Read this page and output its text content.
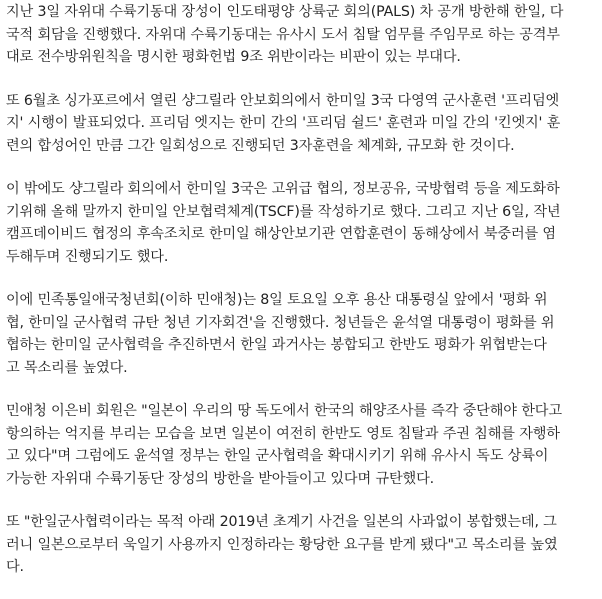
지난 3일 자위대 수륙기동대 장성이 인도태평양 상륙군 회의(PALS) 차 공개 방한해 한일, 다
국적 회담을 진행했다. 자위대 수륙기동대는 유사시 도서 침탈 엄무를 주임무로 하는 공격부
대로 전수방위원칙을 명시한 평화헌법 9조 위반이라는 비판이 있는 부대다.
또 6월초 싱가포르에서 열린 샹그릴라 안보회의에서 한미일 3국 다영역 군사훈련 '프리덤엣
지' 시행이 발표되었다. 프리덤 엣지는 한미 간의 '프리덤 쉴드' 훈련과 미일 간의 '킨엣지' 훈
련의 합성어인 만큼 그간 일회성으로 진행되던 3자훈련을 체계화, 규모화 한 것이다.
이 밖에도 샹그릴라 회의에서 한미일 3국은 고위급 협의, 정보공유, 국방협력 등을 제도화하
기위해 올해 말까지 한미일 안보협력체계(TSCF)를 작성하기로 했다. 그리고 지난 6일, 작년
캠프데이비드 협정의 후속조치로 한미일 해상안보기관 연합훈련이 동해상에서 북중러를 염
두해두며 진행되기도 했다.
이에 민족통일애국청년회(이하 민애청)는 8일 토요일 오후 용산 대통령실 앞에서 '평화 위
협, 한미일 군사협력 규탄 청년 기자회견'을 진행했다. 청년들은 윤석열 대통령이 평화를 위
협하는 한미일 군사협력을 추진하면서 한일 과거사는 봉합되고 한반도 평화가 위협받는다
고 목소리를 높였다.
민애청 이은비 회원은 "일본이 우리의 땅 독도에서 한국의 해양조사를 즉각 중단해야 한다고
항의하는 억지를 부리는 모습을 보면 일본이 여전히 한반도 영토 침탈과 주권 침해를 자행하
고 있다"며 그럼에도 윤석열 정부는 한일 군사협력을 확대시키기 위해 유사시 독도 상륙이
가능한 자위대 수륙기동단 장성의 방한을 받아들이고 있다며 규탄했다.
또 "한일군사협력이라는 목적 아래 2019년 초계기 사건을 일본의 사과없이 봉합했는데, 그
러니 일본으로부터 욱일기 사용까지 인정하라는 황당한 요구를 받게 됐다"고 목소리를 높였
다.
